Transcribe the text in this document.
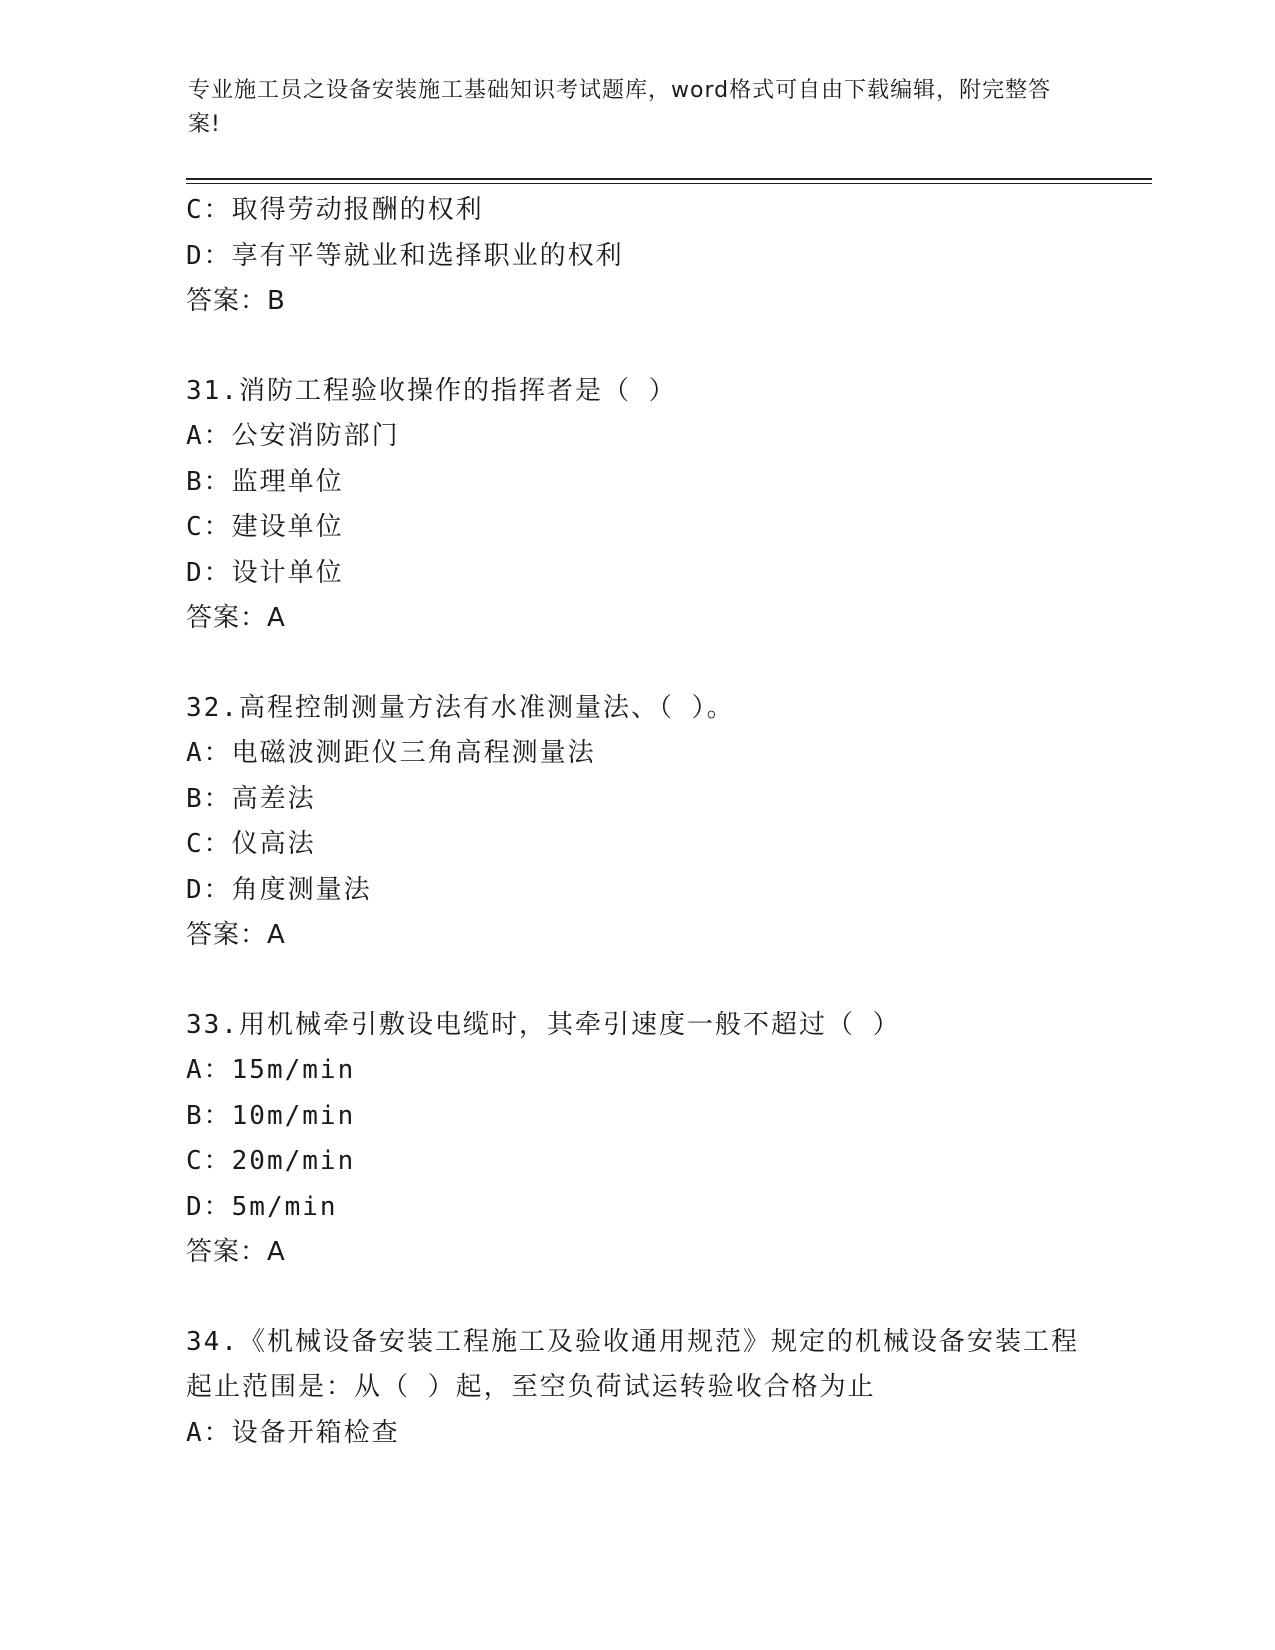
专业施工员之设备安装施工基础知识考试题库，word格式可自由下载编辑，附完整答案!
C：取得劳动报酬的权利
D：享有平等就业和选择职业的权利
答案：B
31.消防工程验收操作的指挥者是（ ）
A：公安消防部门
B：监理单位
C：建设单位
D：设计单位
答案：A
32.高程控制测量方法有水准测量法、（ ）。
A：电磁波测距仪三角高程测量法
B：高差法
C：仪高法
D：角度测量法
答案：A
33.用机械牵引敷设电缆时，其牵引速度一般不超过（ ）
A：15m/min
B：10m/min
C：20m/min
D：5m/min
答案：A
34.《机械设备安装工程施工及验收通用规范》规定的机械设备安装工程起止范围是：从（ ）起，至空负荷试运转验收合格为止
A：设备开箱检查
